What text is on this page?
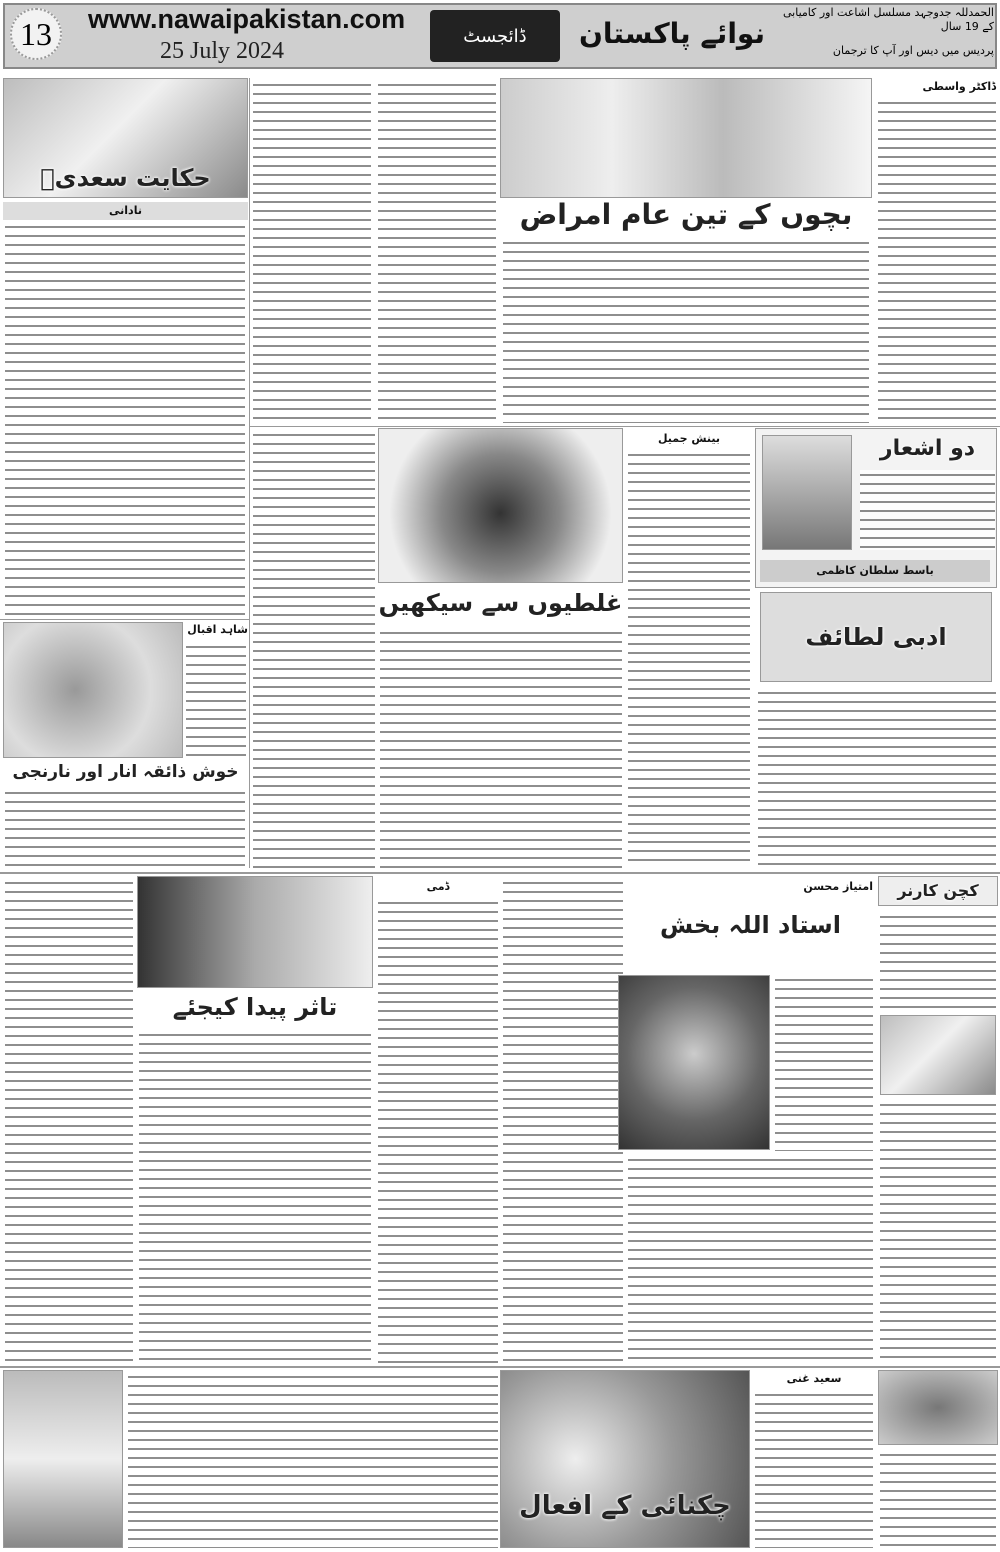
13	www.nawaipakistan.com
25 July 2024
ڈائجسٹ	نوائے پاکستان
الحمدللہ جدوجہد مسلسل اشاعت اور کامیابی کے 19 سال
پردیس میں دیس اور آپ کا ترجمان
حکایت سعدیؒ
نادانی	بچوں کے تین عام امراض
ڈاکٹر واسطی
غلطیوں سے سیکھیں
بینش جمیل	دو اشعار
باسط سلطان کاظمی
ادبی لطائف
شاہد اقبال
خوش ذائقہ انار اور نارنجی
تاثر پیدا کیجئے
ڈمی	امتیاز محسن
استاد اللہ بخش
کچن کارنر
چکنائی کے افعال
سعید غنی
